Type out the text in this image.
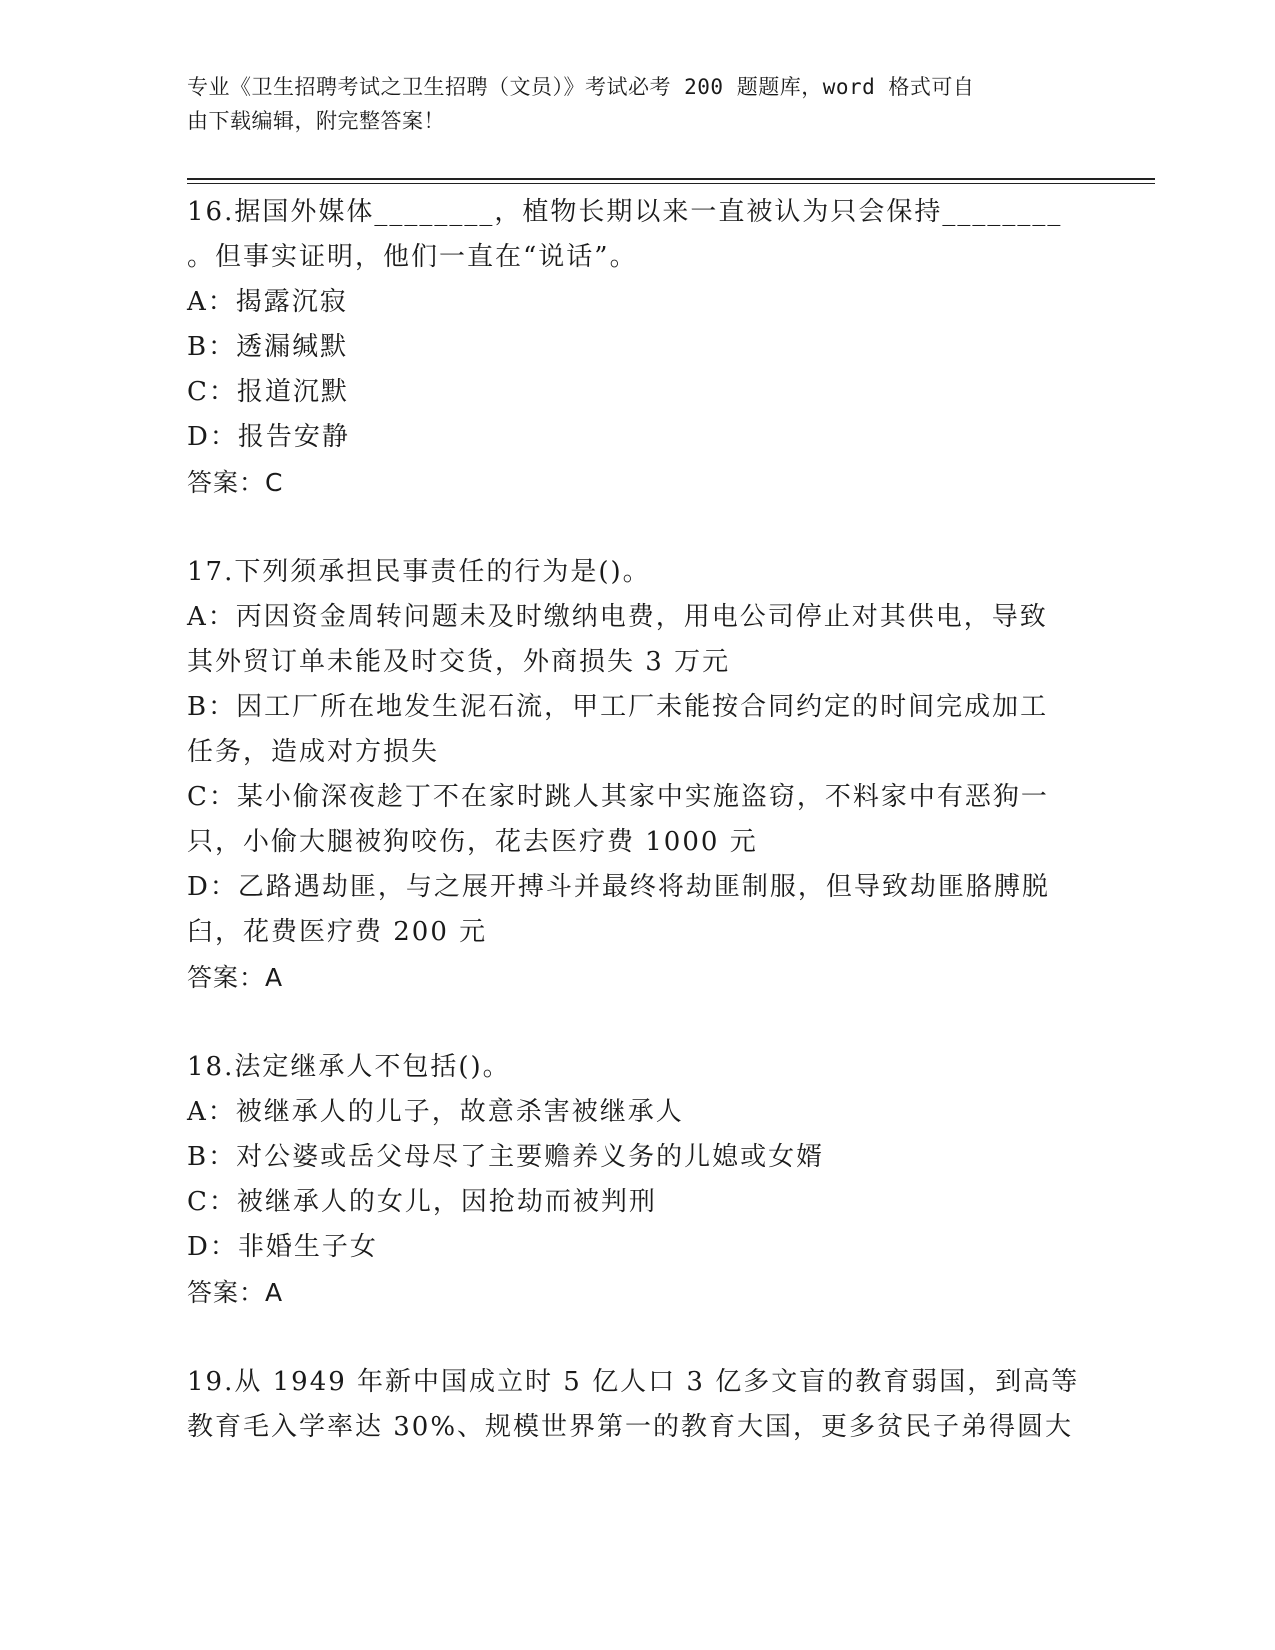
专业《卫生招聘考试之卫生招聘（文员）》考试必考 200 题题库，word 格式可自
由下载编辑，附完整答案！
16.据国外媒体________，植物长期以来一直被认为只会保持________
。但事实证明，他们一直在“说话”。
A：揭露沉寂
B：透漏缄默
C：报道沉默
D：报告安静
答案：C
17.下列须承担民事责任的行为是()。
A：丙因资金周转问题未及时缴纳电费，用电公司停止对其供电，导致
其外贸订单未能及时交货，外商损失 3 万元
B：因工厂所在地发生泥石流，甲工厂未能按合同约定的时间完成加工
任务，造成对方损失
C：某小偷深夜趁丁不在家时跳人其家中实施盗窃，不料家中有恶狗一
只，小偷大腿被狗咬伤，花去医疗费 1000 元
D：乙路遇劫匪，与之展开搏斗并最终将劫匪制服，但导致劫匪胳膊脱
臼，花费医疗费 200 元
答案：A
18.法定继承人不包括()。
A：被继承人的儿子，故意杀害被继承人
B：对公婆或岳父母尽了主要赡养义务的儿媳或女婿
C：被继承人的女儿，因抢劫而被判刑
D：非婚生子女
答案：A
19.从 1949 年新中国成立时 5 亿人口 3 亿多文盲的教育弱国，到高等
教育毛入学率达 30%、规模世界第一的教育大国，更多贫民子弟得圆大
